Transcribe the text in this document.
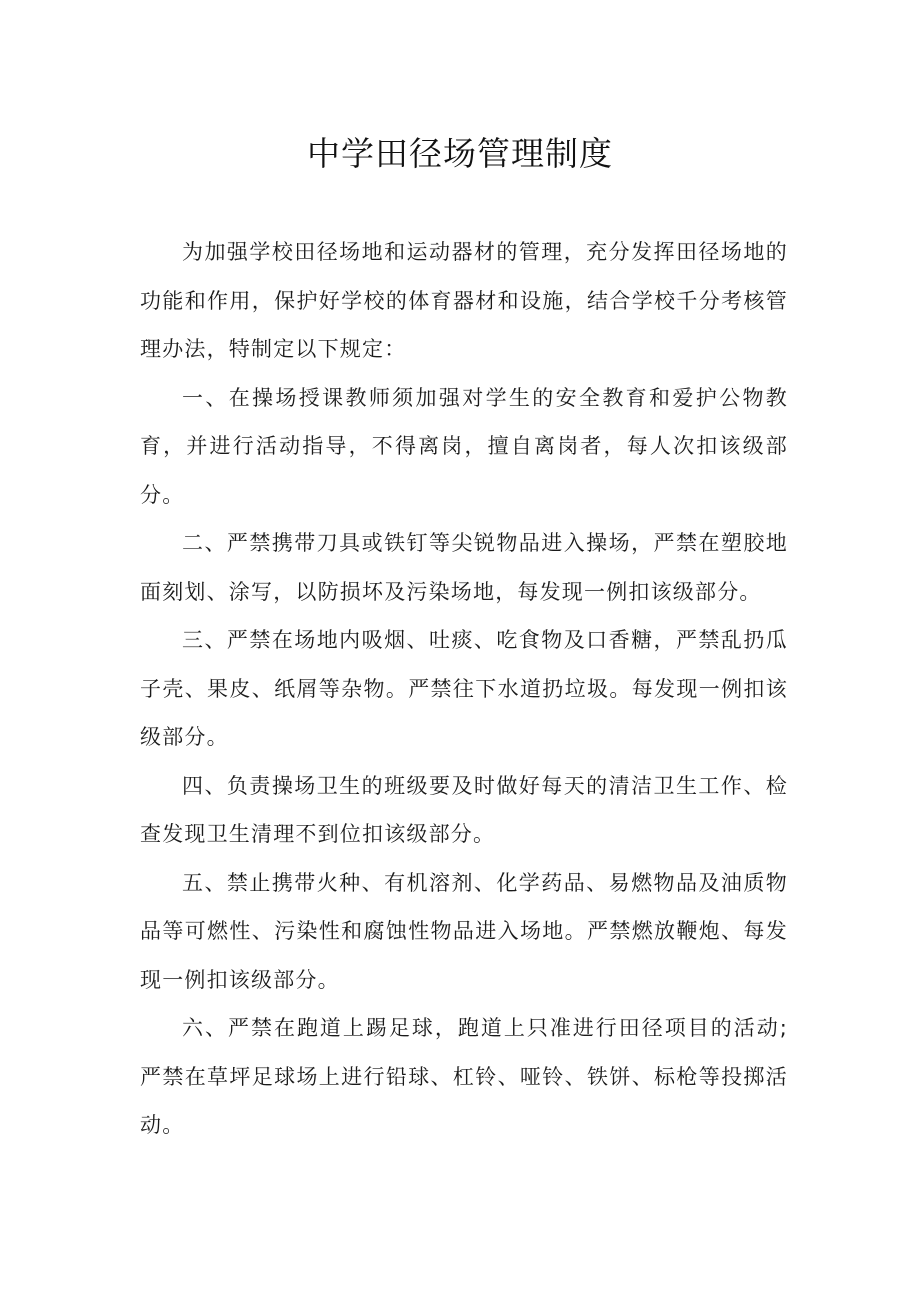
中学田径场管理制度

为加强学校田径场地和运动器材的管理，充分发挥田径场地的功能和作用，保护好学校的体育器材和设施，结合学校千分考核管理办法，特制定以下规定：

一、在操场授课教师须加强对学生的安全教育和爱护公物教育，并进行活动指导，不得离岗，擅自离岗者，每人次扣该级部分。

二、严禁携带刀具或铁钉等尖锐物品进入操场，严禁在塑胶地面刻划、涂写，以防损坏及污染场地，每发现一例扣该级部分。

三、严禁在场地内吸烟、吐痰、吃食物及口香糖，严禁乱扔瓜子壳、果皮、纸屑等杂物。严禁往下水道扔垃圾。每发现一例扣该级部分。

四、负责操场卫生的班级要及时做好每天的清洁卫生工作、检查发现卫生清理不到位扣该级部分。

五、禁止携带火种、有机溶剂、化学药品、易燃物品及油质物品等可燃性、污染性和腐蚀性物品进入场地。严禁燃放鞭炮、每发现一例扣该级部分。

六、严禁在跑道上踢足球，跑道上只准进行田径项目的活动;严禁在草坪足球场上进行铅球、杠铃、哑铃、铁饼、标枪等投掷活动。
